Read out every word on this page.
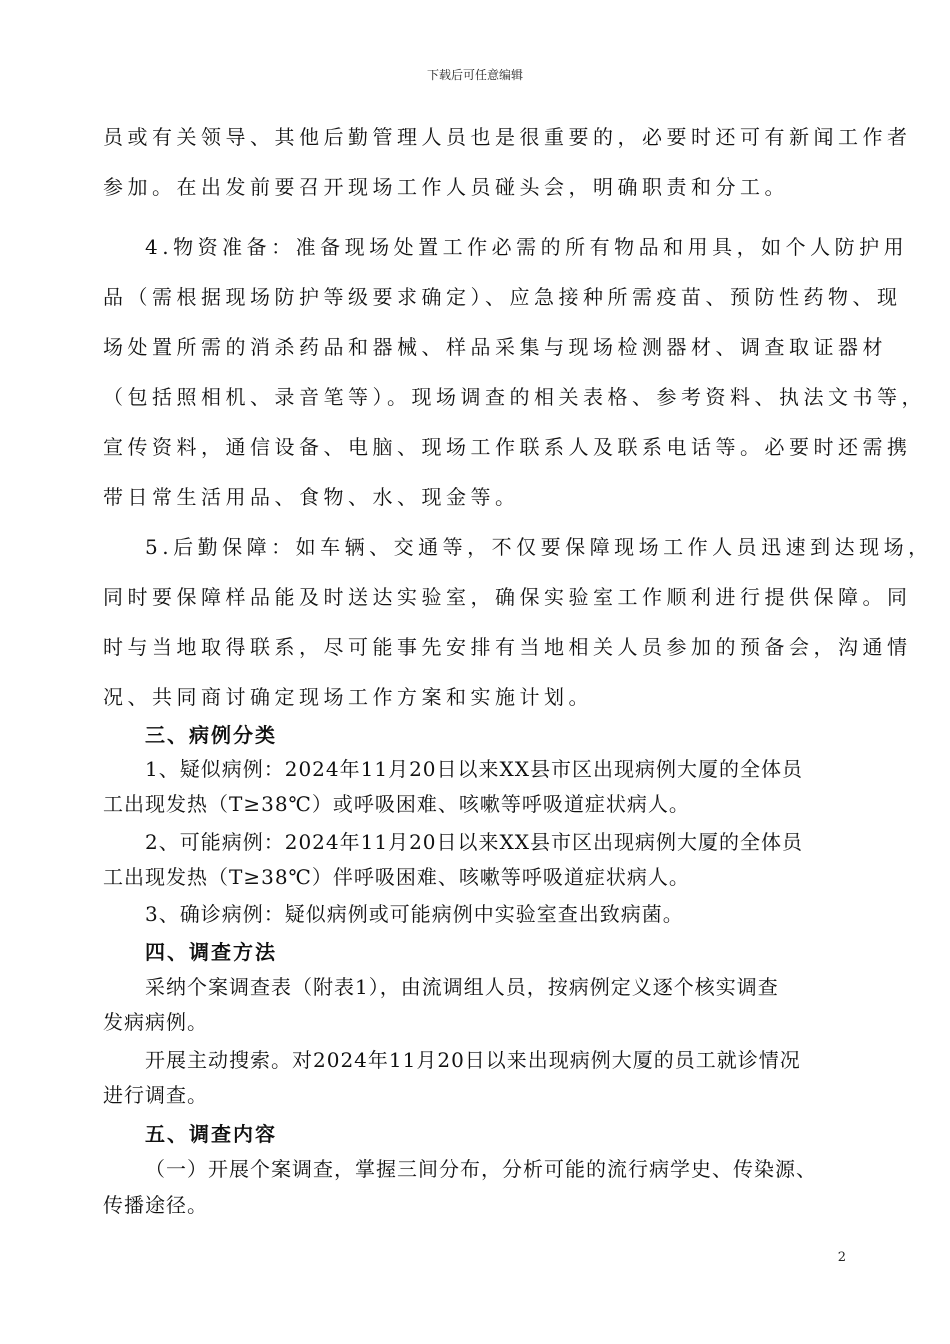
下载后可任意编辑
员或有关领导、其他后勤管理人员也是很重要的，必要时还可有新闻工作者
参加。在出发前要召开现场工作人员碰头会，明确职责和分工。
4.物资准备：准备现场处置工作必需的所有物品和用具，如个人防护用
品（需根据现场防护等级要求确定）、应急接种所需疫苗、预防性药物、现
场处置所需的消杀药品和器械、样品采集与现场检测器材、调查取证器材
（包括照相机、录音笔等）。现场调查的相关表格、参考资料、执法文书等，
宣传资料，通信设备、电脑、现场工作联系人及联系电话等。必要时还需携
带日常生活用品、食物、水、现金等。
5.后勤保障：如车辆、交通等，不仅要保障现场工作人员迅速到达现场，
同时要保障样品能及时送达实验室，确保实验室工作顺利进行提供保障。同
时与当地取得联系，尽可能事先安排有当地相关人员参加的预备会，沟通情
况、共同商讨确定现场工作方案和实施计划。
三、病例分类
1、疑似病例：2024年11月20日以来XX县市区出现病例大厦的全体员
工出现发热（T≥38℃）或呼吸困难、咳嗽等呼吸道症状病人。
2、可能病例：2024年11月20日以来XX县市区出现病例大厦的全体员
工出现发热（T≥38℃）伴呼吸困难、咳嗽等呼吸道症状病人。
3、确诊病例：疑似病例或可能病例中实验室查出致病菌。
四、调查方法
采纳个案调查表（附表1），由流调组人员，按病例定义逐个核实调查
发病病例。
开展主动搜索。对2024年11月20日以来出现病例大厦的员工就诊情况
进行调查。
五、调查内容
（一）开展个案调查，掌握三间分布，分析可能的流行病学史、传染源、
传播途径。
2
